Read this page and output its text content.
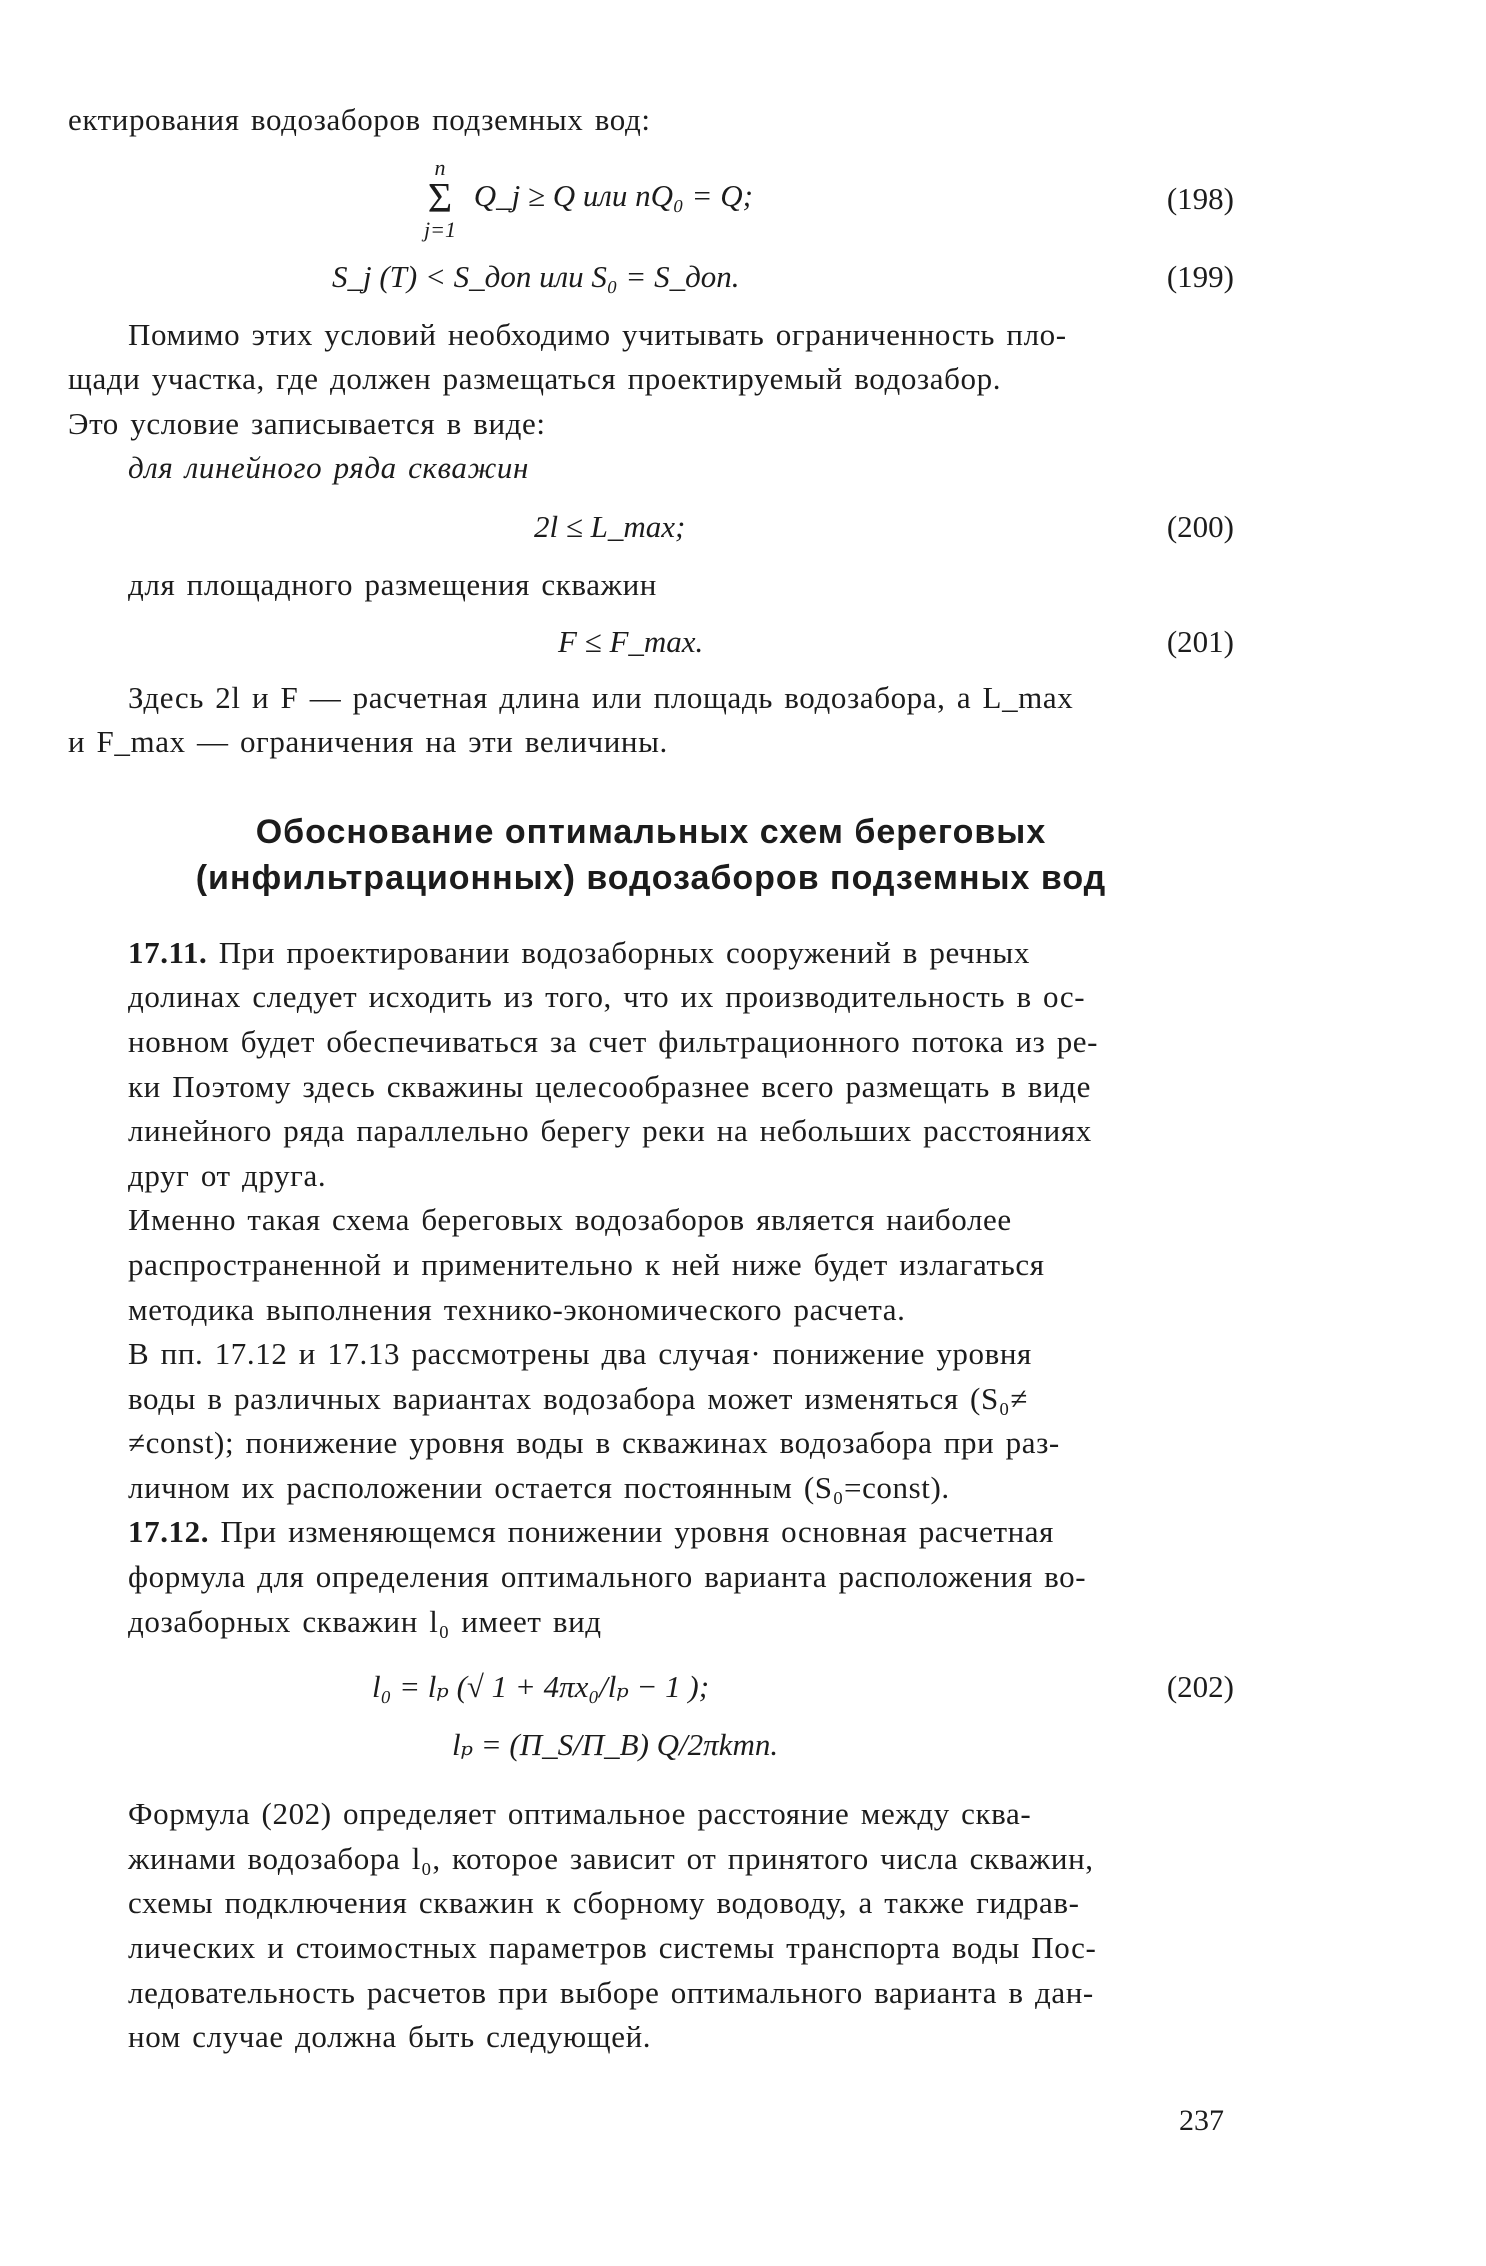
ектирования водозаборов подземных вод:

n
Σ
j=1
Q_j ≥ Q или nQ₀ = Q;	(198)
S_j (T) < S_доп или S₀ = S_доп.	(199)

Помимо этих условий необходимо учитывать ограниченность пло-
щади участка, где должен размещаться проектируемый водозабор.
Это условие записывается в виде:

для линейного ряда скважин

2l ≤ L_max;	(200)

для площадного размещения скважин

F ≤ F_max.	(201)

Здесь 2l и F — расчетная длина или площадь водозабора, а L_max
и F_max — ограничения на эти величины.

Обоснование оптимальных схем береговых
(инфильтрационных) водозаборов подземных вод

17.11. При проектировании водозаборных сооружений в речных
долинах следует исходить из того, что их производительность в ос-
новном будет обеспечиваться за счет фильтрационного потока из ре-
ки Поэтому здесь скважины целесообразнее всего размещать в виде
линейного ряда параллельно берегу реки на небольших расстояниях
друг от друга.

Именно такая схема береговых водозаборов является наиболее
распространенной и применительно к ней ниже будет излагаться
методика выполнения технико-экономического расчета.

В пп. 17.12 и 17.13 рассмотрены два случая· понижение уровня
воды в различных вариантах водозабора может изменяться (S₀≠
≠const); понижение уровня воды в скважинах водозабора при раз-
личном их расположении остается постоянным (S₀=const).

17.12. При изменяющемся понижении уровня основная расчетная
формула для определения оптимального варианта расположения во-
дозаборных скважин l₀ имеет вид

l₀ = lₚ (√ 1 + 4πx₀/lₚ − 1 );	(202)
lₚ = (Π_S/Π_B) Q/2πkmn.

Формула (202) определяет оптимальное расстояние между сква-
жинами водозабора l₀, которое зависит от принятого числа скважин,
схемы подключения скважин к сборному водоводу, а также гидрав-
лических и стоимостных параметров системы транспорта воды Пос-
ледовательность расчетов при выборе оптимального варианта в дан-
ном случае должна быть следующей.

237
